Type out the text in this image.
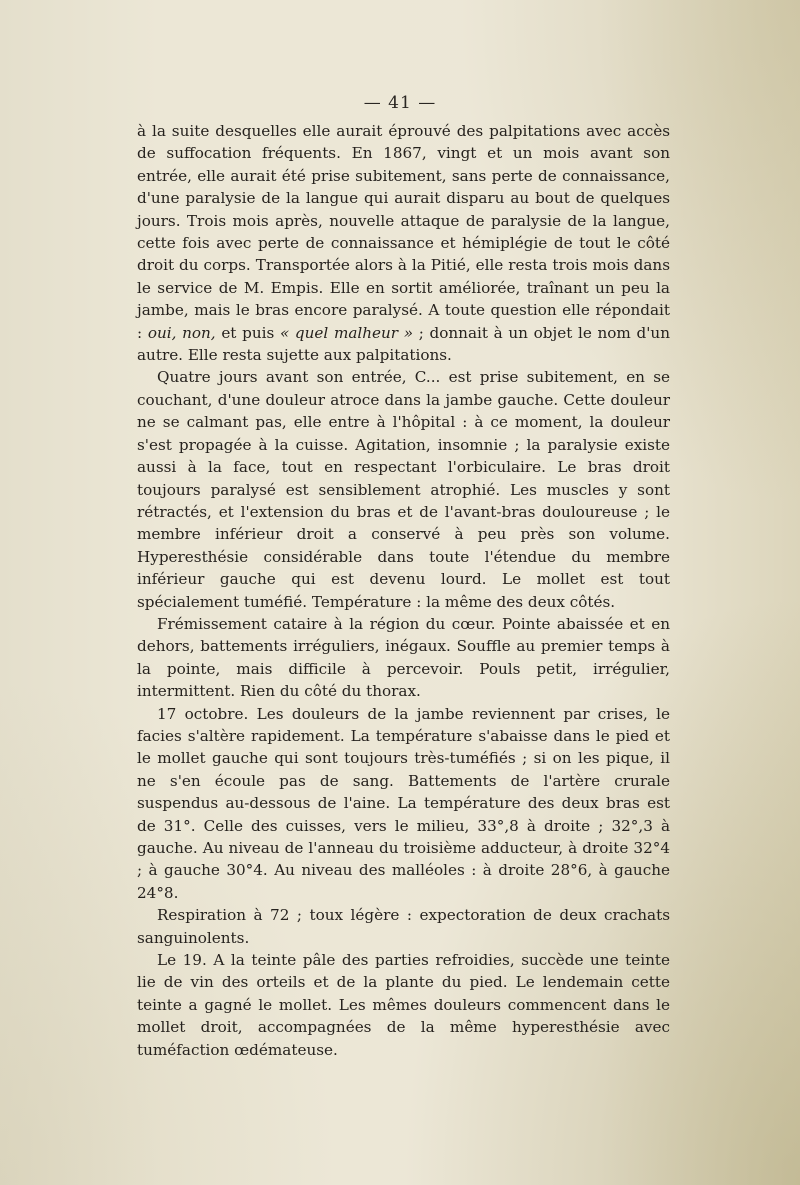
— 41 —

à la suite desquelles elle aurait éprouvé des palpitations avec accès de suffocation fréquents. En 1867, vingt et un mois avant son entrée, elle aurait été prise subitement, sans perte de connaissance, d'une paralysie de la langue qui aurait disparu au bout de quelques jours. Trois mois après, nouvelle attaque de paralysie de la langue, cette fois avec perte de connaissance et hémiplégie de tout le côté droit du corps. Transportée alors à la Pitié, elle resta trois mois dans le service de M. Empis. Elle en sortit améliorée, traînant un peu la jambe, mais le bras encore paralysé. A toute question elle répondait : oui, non, et puis « quel malheur » ; donnait à un objet le nom d'un autre. Elle resta sujette aux palpitations.

Quatre jours avant son entrée, C... est prise subitement, en se couchant, d'une douleur atroce dans la jambe gauche. Cette douleur ne se calmant pas, elle entre à l'hôpital : à ce moment, la douleur s'est propagée à la cuisse. Agitation, insomnie ; la paralysie existe aussi à la face, tout en respectant l'orbiculaire. Le bras droit toujours paralysé est sensiblement atrophié. Les muscles y sont rétractés, et l'extension du bras et de l'avant-bras douloureuse ; le membre inférieur droit a conservé à peu près son volume. Hyperesthésie considérable dans toute l'étendue du membre inférieur gauche qui est devenu lourd. Le mollet est tout spécialement tuméfié. Température : la même des deux côtés.

Frémissement cataire à la région du cœur. Pointe abaissée et en dehors, battements irréguliers, inégaux. Souffle au premier temps à la pointe, mais difficile à percevoir. Pouls petit, irrégulier, intermittent. Rien du côté du thorax.

17 octobre. Les douleurs de la jambe reviennent par crises, le facies s'altère rapidement. La température s'abaisse dans le pied et le mollet gauche qui sont toujours très-tuméfiés ; si on les pique, il ne s'en écoule pas de sang. Battements de l'artère crurale suspendus au-dessous de l'aine. La température des deux bras est de 31°. Celle des cuisses, vers le milieu, 33°,8 à droite ; 32°,3 à gauche. Au niveau de l'anneau du troisième adducteur, à droite 32°4 ; à gauche 30°4. Au niveau des malléoles : à droite 28°6, à gauche 24°8.

Respiration à 72 ; toux légère : expectoration de deux crachats sanguinolents.

Le 19. A la teinte pâle des parties refroidies, succède une teinte lie de vin des orteils et de la plante du pied. Le lendemain cette teinte a gagné le mollet. Les mêmes douleurs commencent dans le mollet droit, accompagnées de la même hyperesthésie avec tuméfaction œdémateuse.
